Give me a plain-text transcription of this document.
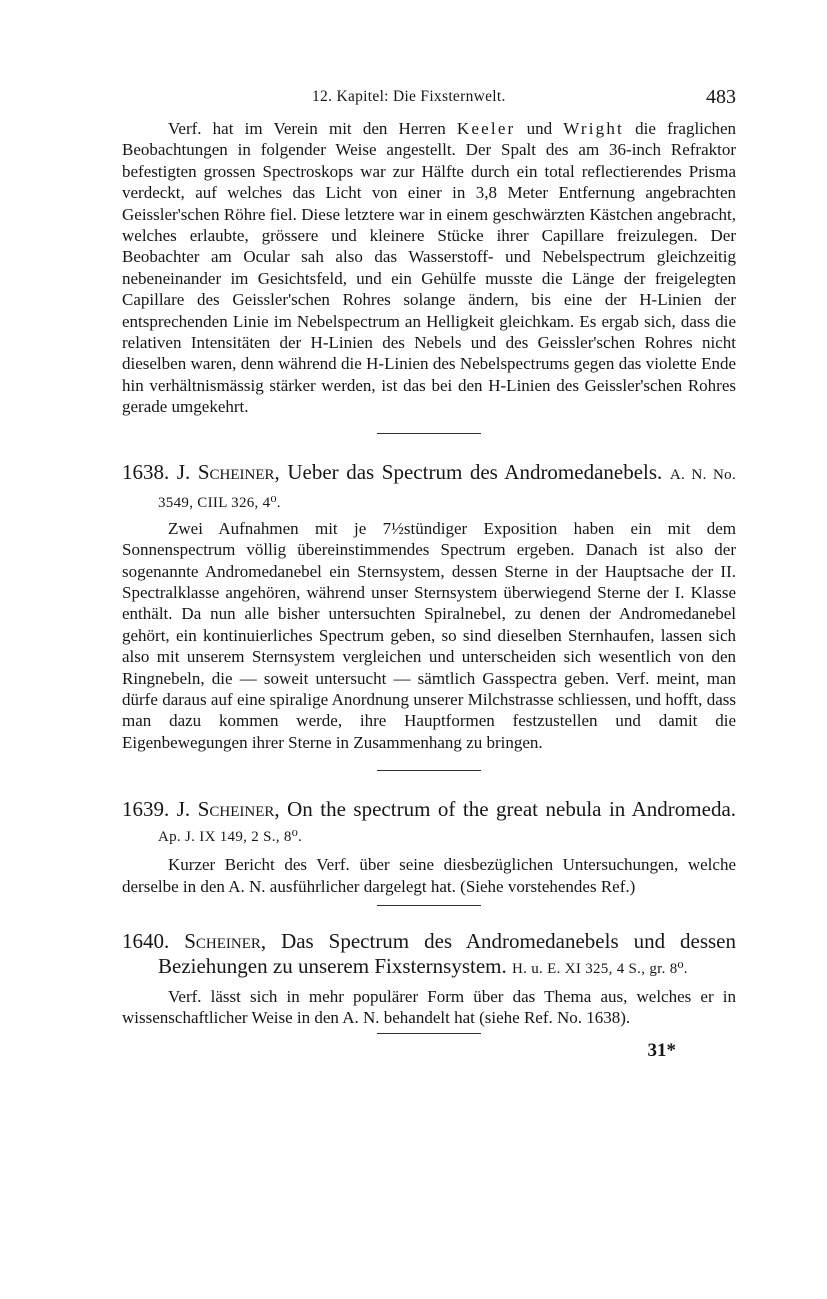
12. Kapitel: Die Fixsternwelt.	483

Verf. hat im Verein mit den Herren Keeler und Wright die fraglichen Beobachtungen in folgender Weise angestellt. Der Spalt des am 36-inch Refraktor befestigten grossen Spectroskops war zur Hälfte durch ein total reflectierendes Prisma verdeckt, auf welches das Licht von einer in 3,8 Meter Entfernung angebrachten Geissler'schen Röhre fiel. Diese letztere war in einem geschwärzten Kästchen angebracht, welches erlaubte, grössere und kleinere Stücke ihrer Capillare freizulegen. Der Beobachter am Ocular sah also das Wasserstoff- und Nebelspectrum gleichzeitig nebeneinander im Gesichtsfeld, und ein Gehülfe musste die Länge der freigelegten Capillare des Geissler'schen Rohres solange ändern, bis eine der H-Linien der entsprechenden Linie im Nebelspectrum an Helligkeit gleichkam. Es ergab sich, dass die relativen Intensitäten der H-Linien des Nebels und des Geissler'schen Rohres nicht dieselben waren, denn während die H-Linien des Nebelspectrums gegen das violette Ende hin verhältnismässig stärker werden, ist das bei den H-Linien des Geissler'schen Rohres gerade umgekehrt.

1638. J. Scheiner, Ueber das Spectrum des Andromedanebels. A. N. No. 3549, CIIL 326, 4⁰.

Zwei Aufnahmen mit je 7½stündiger Exposition haben ein mit dem Sonnenspectrum völlig übereinstimmendes Spectrum ergeben. Danach ist also der sogenannte Andromedanebel ein Sternsystem, dessen Sterne in der Hauptsache der II. Spectralklasse angehören, während unser Sternsystem überwiegend Sterne der I. Klasse enthält. Da nun alle bisher untersuchten Spiralnebel, zu denen der Andromedanebel gehört, ein kontinuierliches Spectrum geben, so sind dieselben Sternhaufen, lassen sich also mit unserem Sternsystem vergleichen und unterscheiden sich wesentlich von den Ringnebeln, die — soweit untersucht — sämtlich Gasspectra geben. Verf. meint, man dürfe daraus auf eine spiralige Anordnung unserer Milchstrasse schliessen, und hofft, dass man dazu kommen werde, ihre Hauptformen festzustellen und damit die Eigenbewegungen ihrer Sterne in Zusammenhang zu bringen.

1639. J. Scheiner, On the spectrum of the great nebula in Andromeda. Ap. J. IX 149, 2 S., 8⁰.

Kurzer Bericht des Verf. über seine diesbezüglichen Untersuchungen, welche derselbe in den A. N. ausführlicher dargelegt hat. (Siehe vorstehendes Ref.)

1640. Scheiner, Das Spectrum des Andromedanebels und dessen Beziehungen zu unserem Fixsternsystem. H. u. E. XI 325, 4 S., gr. 8⁰.

Verf. lässt sich in mehr populärer Form über das Thema aus, welches er in wissenschaftlicher Weise in den A. N. behandelt hat (siehe Ref. No. 1638).

31*
